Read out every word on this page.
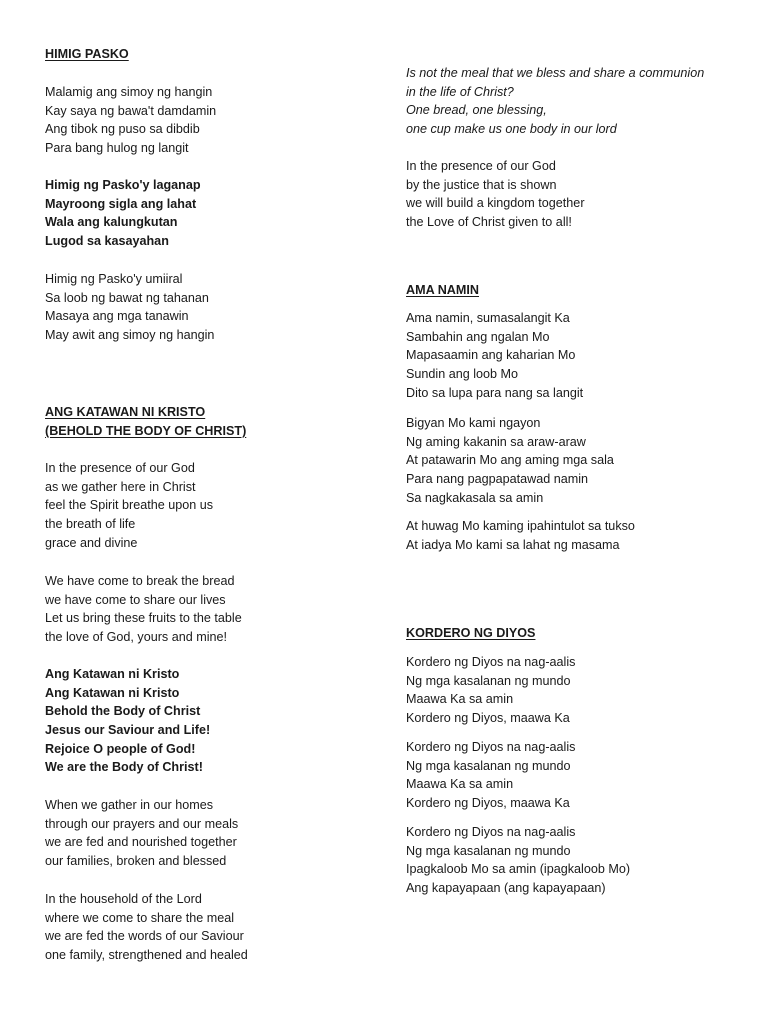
HIMIG PASKO
Malamig ang simoy ng hangin
Kay saya ng bawa't damdamin
Ang tibok ng puso sa dibdib
Para bang hulog ng langit
Himig ng Pasko'y laganap
Mayroong sigla ang lahat
Wala ang kalungkutan
Lugod sa kasayahan
Himig ng Pasko'y umiiral
Sa loob ng bawat ng tahanan
Masaya ang mga tanawin
May awit ang simoy ng hangin
ANG KATAWAN NI KRISTO
(BEHOLD THE BODY OF CHRIST)
In the presence of our God
as we gather here in Christ
feel the Spirit breathe upon us
the breath of life
grace and divine
We have come to break the bread
we have come to share our lives
Let us bring these fruits to the table
the love of God, yours and mine!
Ang Katawan ni Kristo
Ang Katawan ni Kristo
Behold the Body of Christ
Jesus our Saviour and Life!
Rejoice O people of God!
We are the Body of Christ!
When we gather in our homes
through our prayers and our meals
we are fed and nourished together
our families, broken and blessed
In the household of the Lord
where we come to share the meal
we are fed the words of our Saviour
one family, strengthened and healed
Is not the meal that we bless and share a communion
in the life of Christ?
One bread, one blessing,
one cup make us one body in our lord
In the presence of our God
by the justice that is shown
we will build a kingdom together
the Love of Christ given to all!
AMA NAMIN
Ama namin, sumasalangit Ka
Sambahin ang ngalan Mo
Mapasaamin ang kaharian Mo
Sundin ang loob Mo
Dito sa lupa para nang sa langit
Bigyan Mo kami ngayon
Ng aming kakanin sa araw-araw
At patawarin Mo ang aming mga sala
Para nang pagpapatawad namin
Sa nagkakasala sa amin
At huwag Mo kaming ipahintulot sa tukso
At iadya Mo kami sa lahat ng masama
KORDERO NG DIYOS
Kordero ng Diyos na nag-aalis
Ng mga kasalanan ng mundo
Maawa Ka sa amin
Kordero ng Diyos, maawa Ka
Kordero ng Diyos na nag-aalis
Ng mga kasalanan ng mundo
Maawa Ka sa amin
Kordero ng Diyos, maawa Ka
Kordero ng Diyos na nag-aalis
Ng mga kasalanan ng mundo
Ipagkaloob Mo sa amin (ipagkaloob Mo)
Ang kapayapaan (ang kapayapaan)
